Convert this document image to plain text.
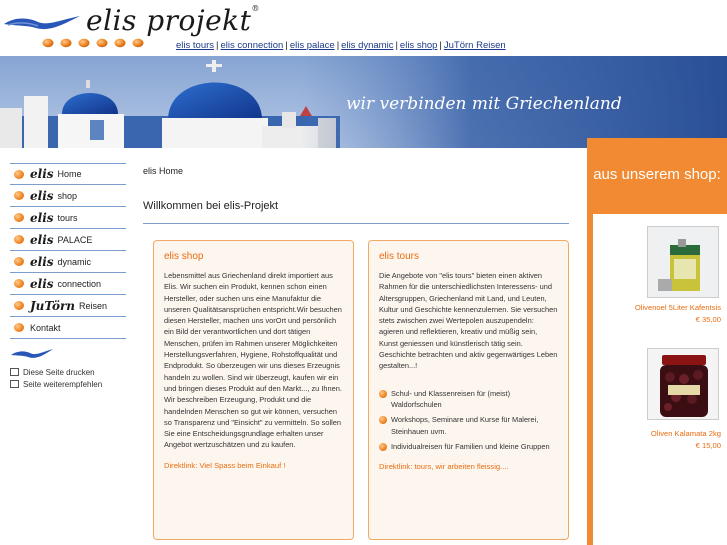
elis projekt®
elis tours | elis connection | elis palace | elis dynamic | elis shop | JuTörn Reisen
wir verbinden mit Griechenland
elis Home
elis shop
elis tours
elis PALACE
elis dynamic
elis connection
JuTörn Reisen
Kontakt
Diese Seite drucken
Seite weiterempfehlen
elis Home
Willkommen bei elis-Projekt
elis shop

Lebensmittel aus Griechenland direkt importiert aus Elis. Wir suchen ein Produkt, kennen schon einen Hersteller, oder suchen uns eine Manufaktur die unseren Qualitätsansprüchen entspricht.Wir besuchen diesen Hersteller, machen uns vorOrt und persönlich ein Bild der verantwortlichen und dort tätigen Menschen, prüfen im Rahmen unserer Möglichkeiten Herstellungsverfahren, Hygiene, Rohstoffqualität und Endprodukt. So überzeugen wir uns dieses Erzeugnis handeln zu wollen. Sind wir überzeugt, kaufen wir ein und bringen dieses Produkt auf den Markt..., zu Ihnen. Wir beschreiben Erzeugung, Produkt und die handelnden Menschen so gut wir können, versuchen so Transparenz und "Einsicht" zu vermitteln. So sollen Sie eine Entscheidungsgrundlage erhalten unser Angebot wertzuschätzen und zu kaufen.

Direktlink: Viel Spass beim Einkauf !
elis tours

Die Angebote von "elis tours" bieten einen aktiven Rahmen für die unterschiedlichsten Interessens- und Altersgruppen, Griechenland mit Land, und Leuten, Kultur und Geschichte kennenzulernen. Sie versuchen stets zwischen zwei Wertepolen auszupendeln: agieren und reflektieren, kreativ und müßig sein, Kunst geniessen und künstlerisch tätig sein. Geschichte betrachten und aktiv gegenwärtiges Leben gestalten...!

Schul- und Klassenreisen für (meist) Waldorfschulen
Workshops, Seminare und Kurse für Malerei, Steinhauen uvm.
Individualreisen für Familien und kleine Gruppen
Direktlink: tours, wir arbeiten fleissig....
aus unserem shop:
Olivenoel 5Liter Kafentsis
€ 35,00
Oliven Kalamata 2kg
€ 15,00
------------------
Hinweis
zur Nutzung und zur Idee dieser Seiten. Diese Seiten sind im
